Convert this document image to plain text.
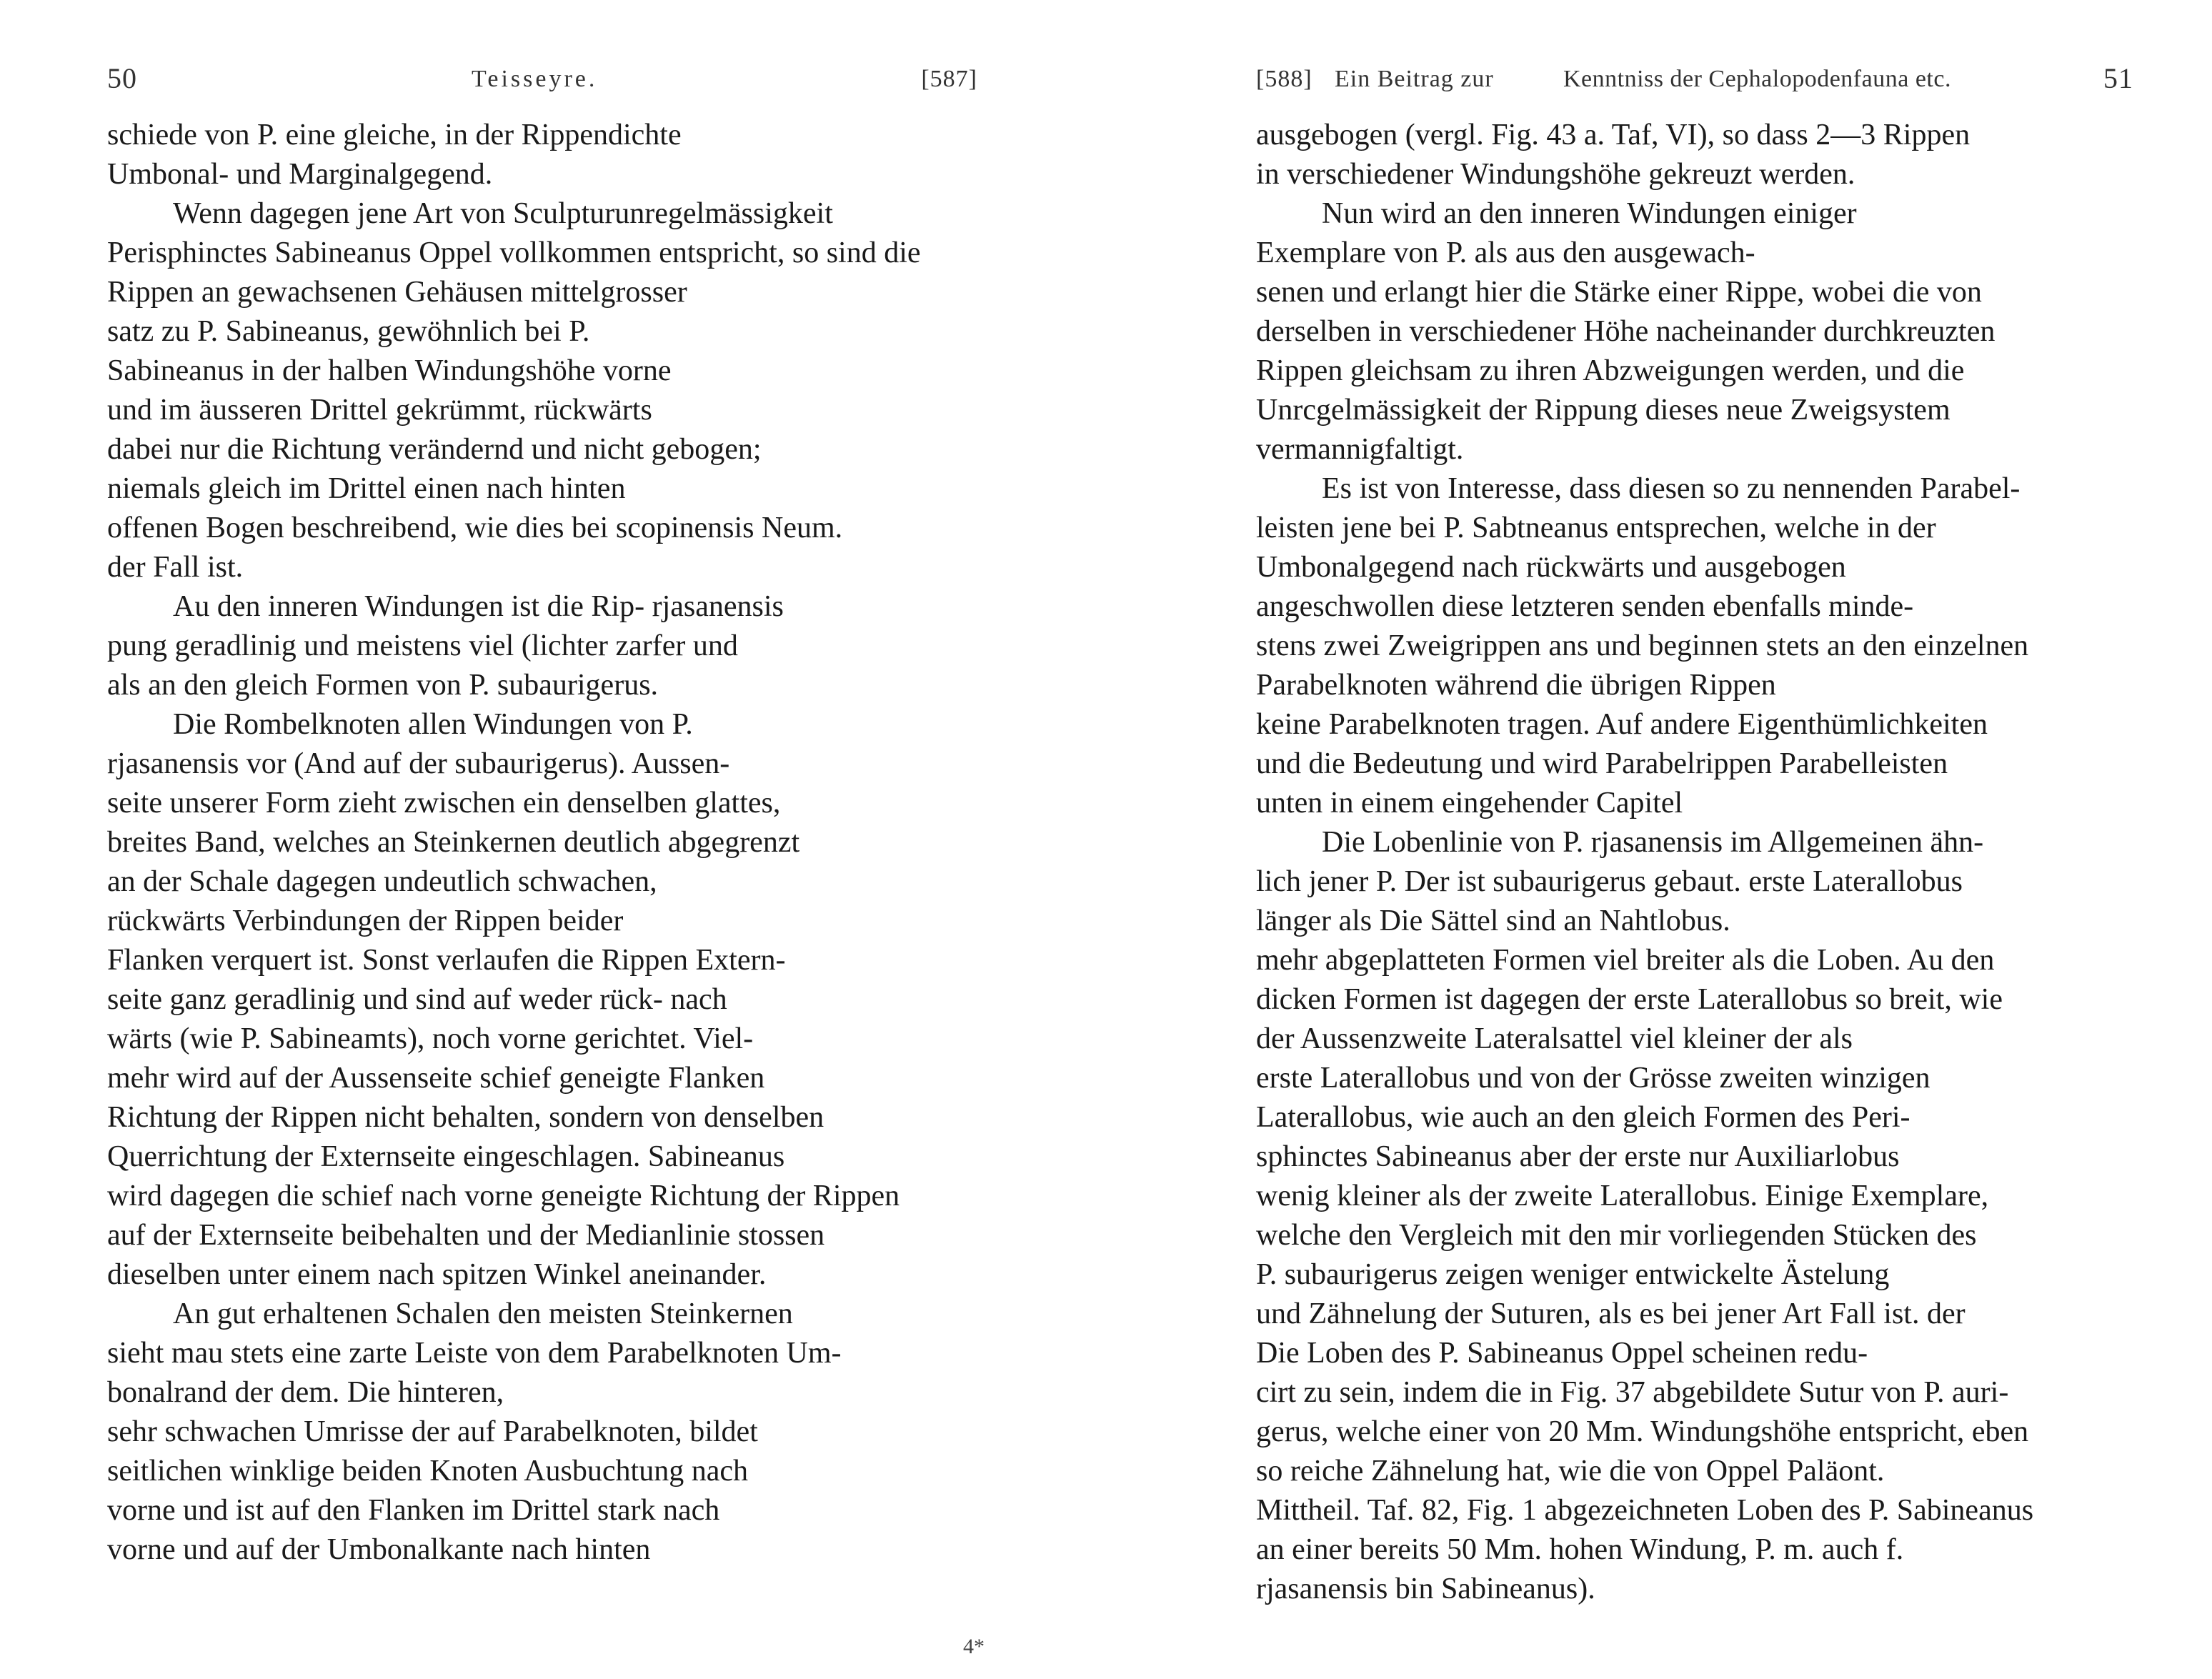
50	Teisseyre.	[587]
schiede von P. eine gleiche, in der Rippendichte
Umbonal- und Marginalgegend.
Wenn dagegen jene Art von Sculpturunregelmässigkeit
Perisphinctes Sabineanus Oppel vollkommen entspricht, so sind die
Rippen an gewachsenen Gehäusen mittelgrosser
satz zu P. Sabineanus, gewöhnlich bei P.
Sabineanus in der halben Windungshöhe vorne
und im äusseren Drittel gekrümmt, rückwärts
dabei nur die Richtung verändernd und nicht gebogen;
niemals gleich im Drittel einen nach hinten
offenen Bogen beschreibend, wie dies bei scopinensis Neum.
der Fall ist.
Au den inneren Windungen ist die Rip- rjasanensis
pung geradlinig und meistens viel (lichter zarfer und
als an den gleich Formen von P. subaurigerus.
Die Rombelknoten allen Windungen von P.
rjasanensis vor (And auf der subaurigerus). Aussen-
seite unserer Form zieht zwischen ein denselben glattes,
breites Band, welches an Steinkernen deutlich abgegrenzt
an der Schale dagegen undeutlich schwachen,
rückwärts Verbindungen der Rippen beider
Flanken verquert ist. Sonst verlaufen die Rippen Extern-
seite ganz geradlinig und sind auf weder rück- nach
wärts (wie P. Sabineamts), noch vorne gerichtet. Viel-
mehr wird auf der Aussenseite schief geneigte Flanken
Richtung der Rippen nicht behalten, sondern von denselben
Querrichtung der Externseite eingeschlagen. Sabineanus
wird dagegen die schief nach vorne geneigte Richtung der Rippen
auf der Externseite beibehalten und der Medianlinie stossen
dieselben unter einem nach spitzen Winkel aneinander.
An gut erhaltenen Schalen den meisten Steinkernen
sieht mau stets eine zarte Leiste von dem Parabelknoten Um-
bonalrand der dem. Die hinteren,
sehr schwachen Umrisse der auf Parabelknoten, bildet
seitlichen winklige beiden Knoten Ausbuchtung nach
vorne und ist auf den Flanken im Drittel stark nach
vorne und auf der Umbonalkante nach hinten
[588] Ein Beitrag zur	Kenntniss der Cephalopodenfauna etc.	51
ausgebogen (vergl. Fig. 43 a. Taf, VI), so dass 2—3 Rippen
in verschiedener Windungshöhe gekreuzt werden.
Nun wird an den inneren Windungen einiger
Exemplare von P. als aus den ausgewach-
senen und erlangt hier die Stärke einer Rippe, wobei die von
derselben in verschiedener Höhe nacheinander durchkreuzten
Rippen gleichsam zu ihren Abzweigungen werden, und die
Unrcgelmässigkeit der Rippung dieses neue Zweigsystem
vermannigfaltigt.
Es ist von Interesse, dass diesen so zu nennenden Parabel-
leisten jene bei P. Sabtneanus entsprechen, welche in der
Umbonalgegend nach rückwärts und ausgebogen
angeschwollen diese letzteren senden ebenfalls minde-
stens zwei Zweigrippen ans und beginnen stets an den einzelnen
Parabelknoten während die übrigen Rippen
keine Parabelknoten tragen. Auf andere Eigenthümlichkeiten
und die Bedeutung und wird Parabelrippen Parabelleisten
unten in einem eingehender Capitel
Die Lobenlinie von P. rjasanensis im Allgemeinen ähn-
lich jener P. Der ist subaurigerus gebaut. erste Laterallobus
länger als Die Sättel sind an Nahtlobus.
mehr abgeplatteten Formen viel breiter als die Loben. Au den
dicken Formen ist dagegen der erste Laterallobus so breit, wie
der Aussenzweite Lateralsattel viel kleiner der als
erste Laterallobus und von der Grösse zweiten winzigen
Laterallobus, wie auch an den gleich Formen des Peri-
sphinctes Sabineanus aber der erste nur Auxiliarlobus
wenig kleiner als der zweite Laterallobus. Einige Exemplare,
welche den Vergleich mit den mir vorliegenden Stücken des
P. subaurigerus zeigen weniger entwickelte Ästelung
und Zähnelung der Suturen, als es bei jener Art Fall ist. der
Die Loben des P. Sabineanus Oppel scheinen redu-
cirt zu sein, indem die in Fig. 37 abgebildete Sutur von P. auri-
gerus, welche einer von 20 Mm. Windungshöhe entspricht, eben
so reiche Zähnelung hat, wie die von Oppel Paläont.
Mittheil. Taf. 82, Fig. 1 abgezeichneten Loben des P. Sabineanus
an einer bereits 50 Mm. hohen Windung, P. m. auch f.
rjasanensis bin Sabineanus).
4*
